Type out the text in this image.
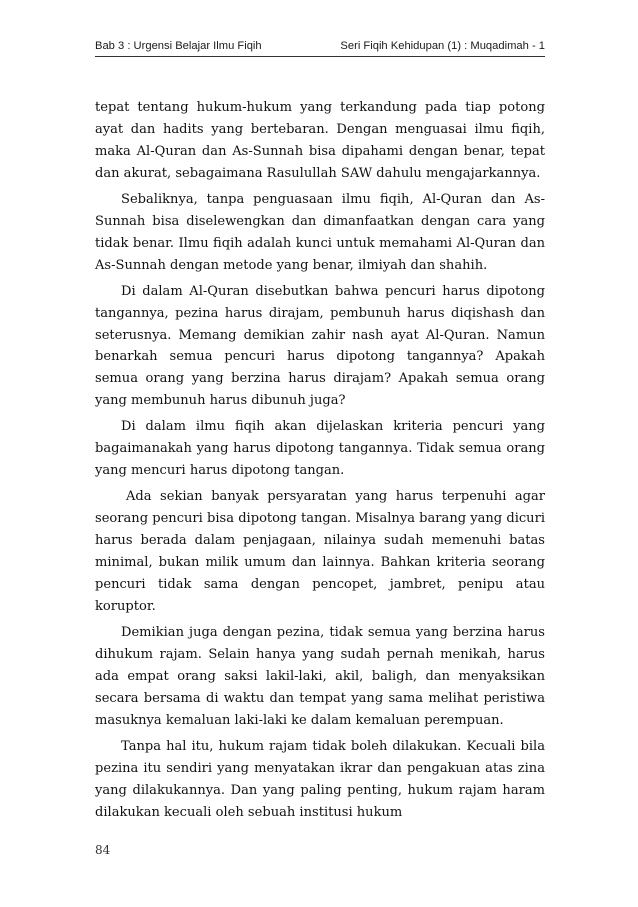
Bab 3 : Urgensi Belajar Ilmu Fiqih	Seri Fiqih Kehidupan (1) : Muqadimah - 1

tepat tentang hukum-hukum yang terkandung pada tiap potong ayat dan hadits yang bertebaran. Dengan menguasai ilmu fiqih, maka Al-Quran dan As-Sunnah bisa dipahami dengan benar, tepat dan akurat, sebagaimana Rasulullah SAW dahulu mengajarkannya.

Sebaliknya, tanpa penguasaan ilmu fiqih, Al-Quran dan As-Sunnah bisa diselewengkan dan dimanfaatkan dengan cara yang tidak benar. Ilmu fiqih adalah kunci untuk memahami Al-Quran dan As-Sunnah dengan metode yang benar, ilmiyah dan shahih.

Di dalam Al-Quran disebutkan bahwa pencuri harus dipotong tangannya, pezina harus dirajam, pembunuh harus diqishash dan seterusnya. Memang demikian zahir nash ayat Al-Quran. Namun benarkah semua pencuri harus dipotong tangannya? Apakah semua orang yang berzina harus dirajam? Apakah semua orang yang membunuh harus dibunuh juga?

Di dalam ilmu fiqih akan dijelaskan kriteria pencuri yang bagaimanakah yang harus dipotong tangannya. Tidak semua orang yang mencuri harus dipotong tangan.

Ada sekian banyak persyaratan yang harus terpenuhi agar seorang pencuri bisa dipotong tangan. Misalnya barang yang dicuri harus berada dalam penjagaan, nilainya sudah memenuhi batas minimal, bukan milik umum dan lainnya. Bahkan kriteria seorang pencuri tidak sama dengan pencopet, jambret, penipu atau koruptor.

Demikian juga dengan pezina, tidak semua yang berzina harus dihukum rajam. Selain hanya yang sudah pernah menikah, harus ada empat orang saksi lakil-laki, akil, baligh, dan menyaksikan secara bersama di waktu dan tempat yang sama melihat peristiwa masuknya kemaluan laki-laki ke dalam kemaluan perempuan.

Tanpa hal itu, hukum rajam tidak boleh dilakukan. Kecuali bila pezina itu sendiri yang menyatakan ikrar dan pengakuan atas zina yang dilakukannya. Dan yang paling penting, hukum rajam haram dilakukan kecuali oleh sebuah institusi hukum

84
